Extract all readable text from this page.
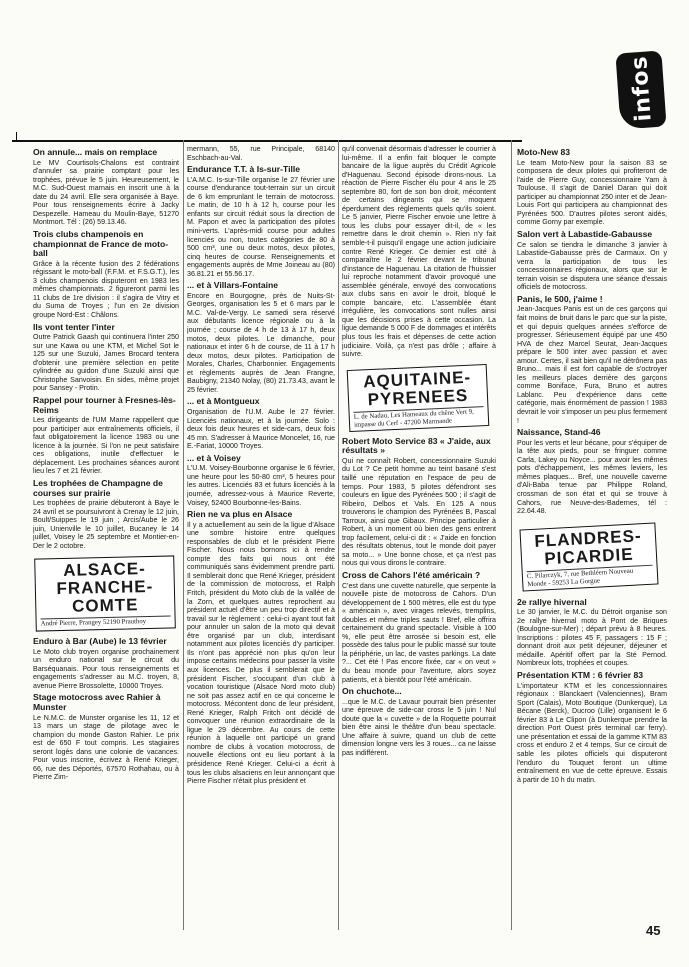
infos
On annule... mais on remplace

Le MV Courtisols-Chalons est contraint d'annuler sa prairie comptant pour les trophées, prévue le 5 juin. Heureusement, le M.C. Sud-Ouest marnais en inscrit une à la date du 24 avril. Elle sera organisée à Baye. Pour tous renseignements écrire à Jacky Despezelle. Hameau du Moulin-Baye, 51270 Montmort. Tél : (26) 59.13.46.

Trois clubs champenois en championnat de France de moto-ball

Grâce à la récente fusion des 2 fédérations régissant le moto-ball (F.F.M. et F.S.G.T.), les 3 clubs champenois disputeront en 1983 les mêmes championnats. 2 figureront parmi les 11 clubs de 1re division : il s'agira de Vitry et du Suma de Troyes ; l'un en 2e division groupe Nord-Est : Châlons.

Ils vont tenter l'inter

Outre Patrick Gaash qui continuera l'inter 250 sur une Kawa ou une KTM, et Michel Sot le 125 sur une Suzuki, James Brocard tentera d'obtenir une première sélection en petite cylindrée au guidon d'une Suzuki ainsi que Christophe Sanvoisin. En sides, même projet pour Sansey - Protin.

Rappel pour tourner à Fresnes-lès-Reims

Les dirigeants de l'UM Marne rappellent que pour participer aux entraînements officiels, il faut obligatoirement la licence 1983 ou une licence à la journée. Si l'on ne peut satisfaire ces obligations, inutile d'effectuer le déplacement. Les prochaines séances auront lieu les 7 et 21 février.

Les trophées de Champagne de courses sur prairie

Les trophées de prairie débuteront à Baye le 24 avril et se poursuivront à Crenay le 12 juin, Boult/Suippes le 19 juin ; Arcis/Aube le 26 juin, Unienville le 10 juillet, Bucaney le 14 juillet, Voisey le 25 septembre et Montier-en-Der le 2 octobre.

ALSACE-FRANCHE-COMTE
André Pierre, Prangey 52190 Prauthoy
Enduro à Bar (Aube) le 13 février

Le Moto club troyen organise prochainement un enduro national sur le circuit du Barséquanais. Pour tous renseignements et engagements s'adresser au M.C. troyen, 8, avenue Pierre Brossolette, 10000 Troyes.

Stage motocross avec Rahier à Munster

Le N.M.C. de Munster organise les 11, 12 et 13 mars un stage de pilotage avec le champion du monde Gaston Rahier. Le prix est de 650 F tout compris. Les stagiaires seront logés dans une colonie de vacances. Pour vous inscrire, écrivez à René Krieger, 66, rue des Déportés, 67570 Rothahau, ou à Pierre Zim-

mermann, 55, rue Principale, 68140 Eschbach-au-Val.

Endurance T.T. à Is-sur-Tille

L'A.M.C. Is-sur-Tille organise le 27 février une course d'endurance tout-terrain sur un circuit de 6 km emprunlant le terrain de motocross. Le matin, de 10 h à 12 h, course pour les enfants sur circuit réduit sous la direction de M. Papon et avec la participation des pilotes mini-verts. L'après-midi course pour adultes licenciés ou non, toutes catégories de 80 à 500 cm³, une ou deux motos, deux pilotes, cinq heures de course. Renseignements et engagements auprès de Mme Joineau au (80) 36.81.21 et 55.56.17.

... et à Villars-Fontaine

Encore en Bourgogne, près de Nuits-St-Georges, organisation les 5 et 6 mars par le M.C. Val-de-Vergy. Le samedi sera réservé aux débutants licence régionale ou à la journée ; course de 4 h de 13 à 17 h, deux motos, deux pilotes. Le dimanche, pour nationaux et inter 6 h de course, de 11 à 17 h deux motos, deux pilotes. Participation de Morales, Charles, Charbonnier. Engagements et règlements auprès de Jean Frangne, Baubigny, 21340 Nolay, (80) 21.73.43, avant le 25 février.

... et à Montgueux

Organisation de l'U.M. Aube le 27 février. Licenciés nationaux, et à la journée. Solo : deux fois deux heures et side-cars, deux fois 45 mn. S'adresser à Maurice Moncelet, 16, rue E.-Fariat, 10000 Troyes.

... et à Voisey

L'U.M. Voisey-Bourbonne organise le 6 février, une heure pour les 50-80 cm³, 5 heures pour les autres. Licenciés 83 et futurs licenciés à la journée, adressez-vous à Maurice Reverte, Voisey, 52400 Bourbonne-les-Bains.

Rien ne va plus en Alsace

Il y a actuellement au sein de la ligue d'Alsace une sombre histoire entre quelques responsables de club et le président Pierre Fischer. Nous nous bornons ici à rendre compte des faits qui nous ont été communiqués sans évidemment prendre parti. Il semblerait donc que René Krieger, président de la commission de motocross, et Ralph Fritch, président du Moto club de la vallée de la Zorn, et quelques autres reprochent au président actuel d'être un peu trop directif et à travail sur le règlement : celui-ci ayant tout fait pour annuler un salon de la moto qui devait être organisé par un club, interdisant notamment aux pilotes licenciés d'y participer. Ils n'ont pas apprécié non plus qu'on leur impose certains médecins pour passer la visite aux licences. De plus il semblerait que le président Fischer, s'occupant d'un club à vocation touristique (Alsace Nord moto club) ne soit pas assez actif en ce qui concerne le motocross. Mécontent donc de leur président, René Krieger, Ralph Fritch ont décidé de convoquer une réunion extraordinaire de la ligue le 29 décembre. Au cours de cette réunion à laquelle ont participé un grand nombre de clubs à vocation motocross, de nouvelle élections ont eu lieu portant à la présidence René Krieger. Celui-ci a écrit à tous les clubs alsaciens en leur annonçant que Pierre Fischer n'était plus président et

qu'il convenait désormais d'adresser le courrier à lui-même. Il a enfin fait bloquer le compte bancaire de la ligue auprès du Crédit Agricole d'Haguenau. Second épisode dirons-nous. La réaction de Pierre Fischer élu pour 4 ans le 25 septembre 80, fort de son bon droit, mécontent de certains dirigeants qui se moquent éperdument des règlements quels qu'ils soient. Le 5 janvier, Pierre Fischer envoie une lettre à tous les clubs pour essayer dit-il, de « les remettre dans le droit chemin ». Rien n'y fait semble-t-il puisqu'il engage une action judiciaire contre René Krieger. Ce dernier est cité à comparaître le 2 février devant le tribunal d'instance de Haguenau. La citation de l'huissier lui reproche notamment d'avoir provoqué une assemblée générale, envoyé des convocations aux clubs sans en avoir le droit, bloqué le compte bancaire, etc. L'assemblée étant irrégulière, les convocations sont nulles ainsi que les décisions prises à cette occasion. La ligue demande 5 000 F de dommages et intérêts plus tous les frais et dépenses de cette action judiciaire. Voilà, ça n'est pas drôle ; affaire à suivre.

AQUITAINE-PYRENEES
L. de Nadau, Les Hameaux du chêne Vert 9, impasse du Cerf - 47200 Marmande
Robert Moto Service 83 « J'aide, aux résultats »

Qui ne connaît Robert, concessionnaire Suzuki du Lot ? Ce petit homme au teint basané s'est taillé une réputation en l'espace de peu de temps. Pour 1983, 5 pilotes défendront ses couleurs en ligue des Pyrénées 500 ; il s'agit de Ribeiro, Delbos et Vals. En 125 A nous trouverons le champion des Pyrénées B, Pascal Tarroux, ainsi que Gibaux. Principe particulier à Robert, à un moment où bien des gens entrent trop facilement, celui-ci dit : « J'aide en fonction des résultats obtenus, tout le monde doit payer sa moto... » Une bonne chose, et ça n'est pas nous qui vous dirons le contraire.

Cross de Cahors l'été américain ?

C'est dans une cuvette naturelle, que serpente la nouvelle piste de motocross de Cahors. D'un développement de 1 500 mètres, elle est du type « américain », avec virages relevés, tremplins, doubles et même triples sauts ! Bref, elle offrira certainement du grand spectacle. Visible à 100 %, elle peut être arrosée si besoin est, elle possède des talus pour le public massé sur toute la périphérie, un lac, de vastes parkings. La date ?... Cet été ! Pas encore fixée, car « on veut » du beau monde pour l'aventure, alors soyez patients, et à bientôt pour l'été américain.

On chuchote...

...que le M.C. de Lavaur pourrait bien présenter une épreuve de side-car cross le 5 juin ! Nul doute que la « cuvette » de la Roquette pourrait bien être ainsi le théâtre d'un beau spectacle. Une affaire à suivre, quand un club de cette dimension longne vers les 3 roues... ca ne laisse pas indifférent.

Moto-New 83

Le team Moto-New pour la saison 83 se composera de deux pilotes qui profiteront de l'aide de Pierre Guy, concessionnaire Yam à Toulouse. Il s'agit de Daniel Daran qui doit participer au championnat 250 inter et de Jean-Louis Fort qui participera au championnat des Pyrénées 500. D'autres pilotes seront aidés, comme Gorny par exemple.

Salon vert à Labastide-Gabausse

Ce salon se tiendra le dimanche 3 janvier à Labastide-Gabausse près de Carmaux. On y verra la participation de tous les concessionnaires régionaux, alors que sur le terrain voisin se disputera une séance d'essais officiels de motocross.

Panis, le 500, j'aime !

Jean-Jacques Panis est un de ces garçons qui fait moins de bruit dans le parc que sur la piste, et qui depuis quelques années s'efforce de progresser. Sérieusement équipé par une 450 HVA de chez Marcel Seurat, Jean-Jacques prépare le 500 inter avec passion et avec amour. Certes, il sait bien qu'il ne détrônera pas Bruno... mais il est fort capable de s'octroyer les meilleurs places derrière des garçons comme Boniface, Fura, Bruno et autres Lablanc. Peu d'expérience dans cette catégorie, mais énormément de passion ! 1983 devrait le voir s'imposer un peu plus fermement !

Naissance, Stand-46

Pour les verts et leur bécane, pour s'équiper de la tête aux pieds, pour se fringuer comme Carla, Lakey ou Noyce... pour avoir les mêmes pots d'échappement, les mêmes leviers, les mêmes plaques... Bref, une nouvelle caverne d'Ali-Baba tenue par Philippe Roland, crossman de son état et qui se trouve à Cahors, rue Neuve-des-Badernes, tél : 22.64.48.

FLANDRES-PICARDIE
C. Pilarczyk, 7, rue Bethléem Nouveau Monde - 59253 La Gorgue
2e rallye hivernal

Le 30 janvier, le M.C. du Détroit organise son 2e rallye hivernal moto à Pont de Briques (Boulogne-sur-Mer) ; départ prévu à 8 heures. Inscriptions : pilotes 45 F, passagers : 15 F ; donnant droit aux petit déjeuner, déjeuner et médaille. Apéritif offert par la Sté Pernod. Nombreux lots, trophées et coupes.

Présentation KTM : 6 février 83

L'importateur KTM et les concessionnaires régionaux : Blanckaert (Valenciennes), Bram Sport (Calais), Moto Boutique (Dunkerque), La Bécane (Berck), Ducroo (Lille) organisent le 6 février 83 à Le Clipon (à Dunkerque prendre la direction Port Ouest près terminal car ferry). une présentation et essai de la gamme KTM 83 cross et enduro 2 et 4 temps. Sur ce circuit de sable les pilotes officiels qui disputeront l'enduro du Touquet feront un ultime entraînement en vue de cette épreuve. Essais à partir de 10 h du matin.

45
